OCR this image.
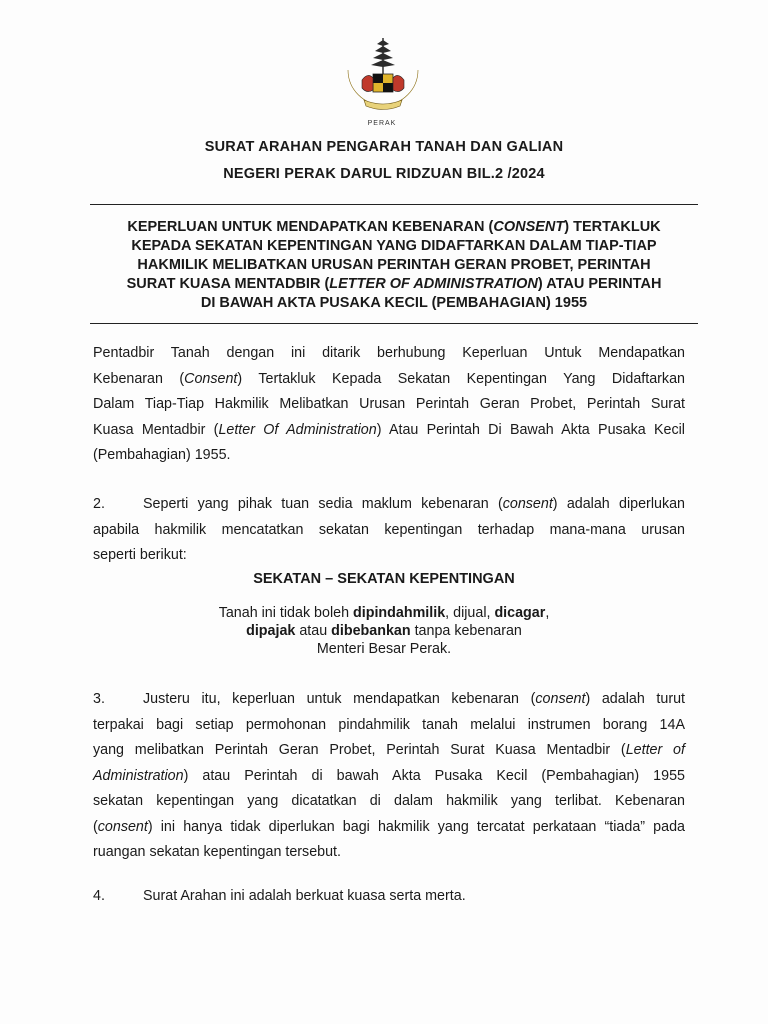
PERAK
SURAT ARAHAN PENGARAH TANAH DAN GALIAN
NEGERI PERAK DARUL RIDZUAN BIL.2 /2024
KEPERLUAN UNTUK MENDAPATKAN KEBENARAN (CONSENT) TERTAKLUK
KEPADA SEKATAN KEPENTINGAN YANG DIDAFTARKAN DALAM TIAP-TIAP
HAKMILIK MELIBATKAN URUSAN PERINTAH GERAN PROBET, PERINTAH
SURAT KUASA MENTADBIR (LETTER OF ADMINISTRATION) ATAU PERINTAH
DI BAWAH AKTA PUSAKA KECIL (PEMBAHAGIAN) 1955
Pentadbir Tanah dengan ini ditarik berhubung Keperluan Untuk Mendapatkan
Kebenaran (Consent) Tertakluk Kepada Sekatan Kepentingan Yang Didaftarkan
Dalam Tiap-Tiap Hakmilik Melibatkan Urusan Perintah Geran Probet, Perintah Surat
Kuasa Mentadbir (Letter Of Administration) Atau Perintah Di Bawah Akta Pusaka Kecil
(Pembahagian) 1955.
2.	Seperti yang pihak tuan sedia maklum kebenaran (consent) adalah diperlukan
apabila hakmilik mencatatkan sekatan kepentingan terhadap mana-mana urusan
seperti berikut:
SEKATAN – SEKATAN KEPENTINGAN
Tanah ini tidak boleh dipindahmilik, dijual, dicagar,
dipajak atau dibebankan tanpa kebenaran
Menteri Besar Perak.
3.	Justeru itu, keperluan untuk mendapatkan kebenaran (consent) adalah turut
terpakai bagi setiap permohonan pindahmilik tanah melalui instrumen borang 14A
yang melibatkan Perintah Geran Probet, Perintah Surat Kuasa Mentadbir (Letter of
Administration) atau Perintah di bawah Akta Pusaka Kecil (Pembahagian) 1955
sekatan kepentingan yang dicatatkan di dalam hakmilik yang terlibat. Kebenaran
(consent) ini hanya tidak diperlukan bagi hakmilik yang tercatat perkataan “tiada” pada
ruangan sekatan kepentingan tersebut.
4.	Surat Arahan ini adalah berkuat kuasa serta merta.
